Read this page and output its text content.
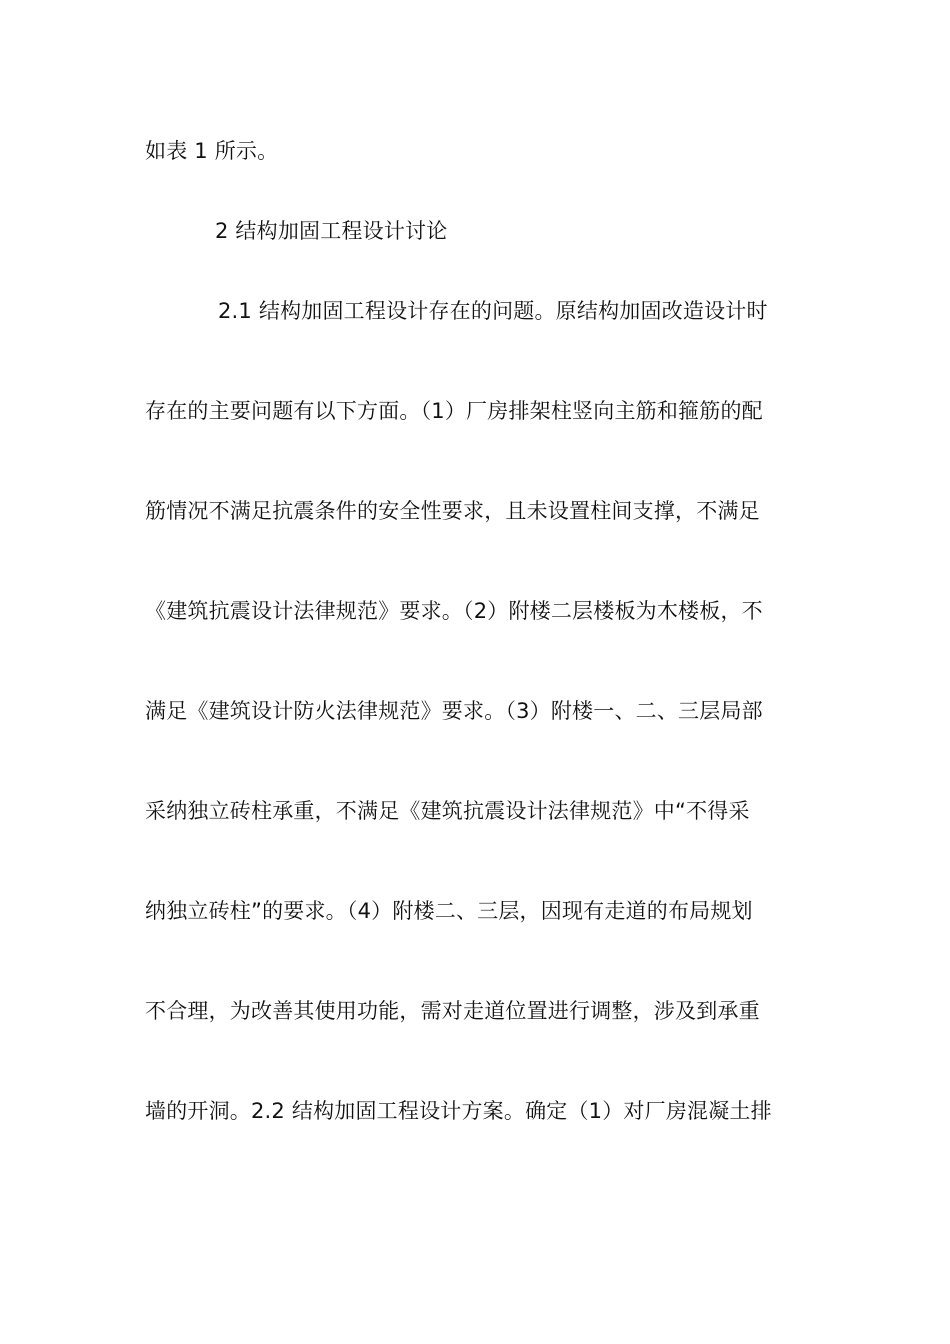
如表 1 所示。
2 结构加固工程设计讨论
2.1 结构加固工程设计存在的问题。原结构加固改造设计时
存在的主要问题有以下方面。（1）厂房排架柱竖向主筋和箍筋的配
筋情况不满足抗震条件的安全性要求，且未设置柱间支撑，不满足
《建筑抗震设计法律规范》要求。（2）附楼二层楼板为木楼板，不
满足《建筑设计防火法律规范》要求。（3）附楼一、二、三层局部
采纳独立砖柱承重，不满足《建筑抗震设计法律规范》中“不得采
纳独立砖柱”的要求。（4）附楼二、三层，因现有走道的布局规划
不合理，为改善其使用功能，需对走道位置进行调整，涉及到承重
墙的开洞。2.2 结构加固工程设计方案。确定（1）对厂房混凝土排
